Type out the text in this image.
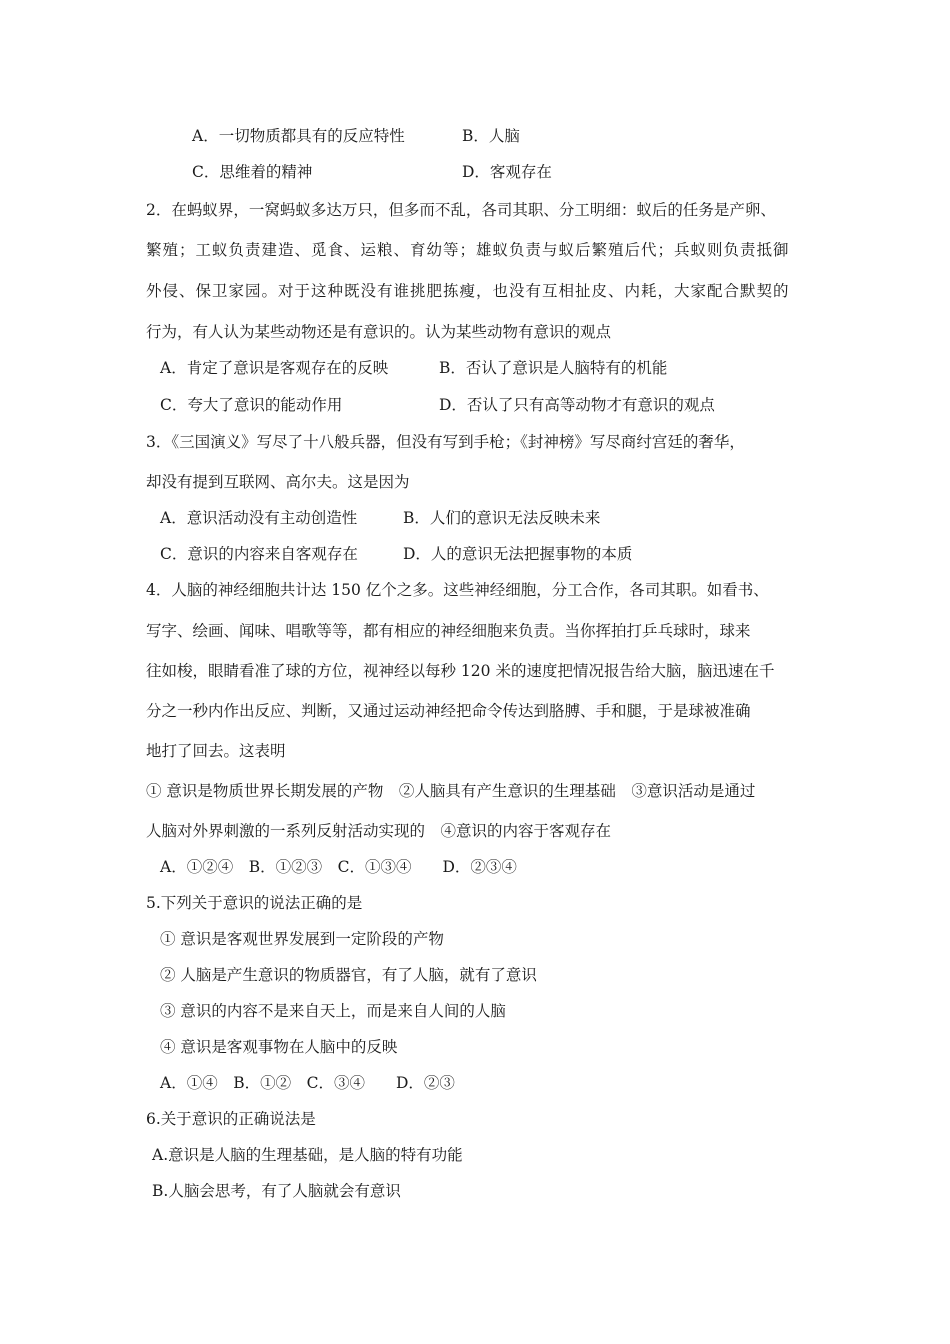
A．一切物质都具有的反应特性	B．人脑
C．思维着的精神	D．客观存在
2．在蚂蚁界，一窝蚂蚁多达万只，但多而不乱，各司其职、分工明细：蚁后的任务是产卵、
繁殖；工蚁负责建造、觅食、运粮、育幼等；雄蚁负责与蚁后繁殖后代；兵蚁则负责抵御
外侵、保卫家园。对于这种既没有谁挑肥拣瘦，也没有互相扯皮、内耗，大家配合默契的
行为，有人认为某些动物还是有意识的。认为某些动物有意识的观点
A．肯定了意识是客观存在的反映	B．否认了意识是人脑特有的机能
C．夸大了意识的能动作用	D．否认了只有高等动物才有意识的观点
3．《三国演义》写尽了十八般兵器，但没有写到手枪；《封神榜》写尽商纣宫廷的奢华，
却没有提到互联网、高尔夫。这是因为
A．意识活动没有主动创造性	B．人们的意识无法反映未来
C．意识的内容来自客观存在	D．人的意识无法把握事物的本质
4．人脑的神经细胞共计达 150 亿个之多。这些神经细胞，分工合作，各司其职。如看书、
写字、绘画、闻味、唱歌等等，都有相应的神经细胞来负责。当你挥拍打乒乓球时，球来
往如梭，眼睛看准了球的方位，视神经以每秒 120 米的速度把情况报告给大脑，脑迅速在千
分之一秒内作出反应、判断，又通过运动神经把命令传达到胳膊、手和腿，于是球被准确
地打了回去。这表明
① 意识是物质世界长期发展的产物　②人脑具有产生意识的生理基础　③意识活动是通过
人脑对外界刺激的一系列反射活动实现的　④意识的内容于客观存在
A．①②④　B．①②③　C．①③④　　D．②③④
5.下列关于意识的说法正确的是
① 意识是客观世界发展到一定阶段的产物
② 人脑是产生意识的物质器官，有了人脑，就有了意识
③ 意识的内容不是来自天上，而是来自人间的人脑
④ 意识是客观事物在人脑中的反映
A．①④　B．①②　C．③④　　D．②③
6.关于意识的正确说法是
A.意识是人脑的生理基础，是人脑的特有功能
B.人脑会思考，有了人脑就会有意识
